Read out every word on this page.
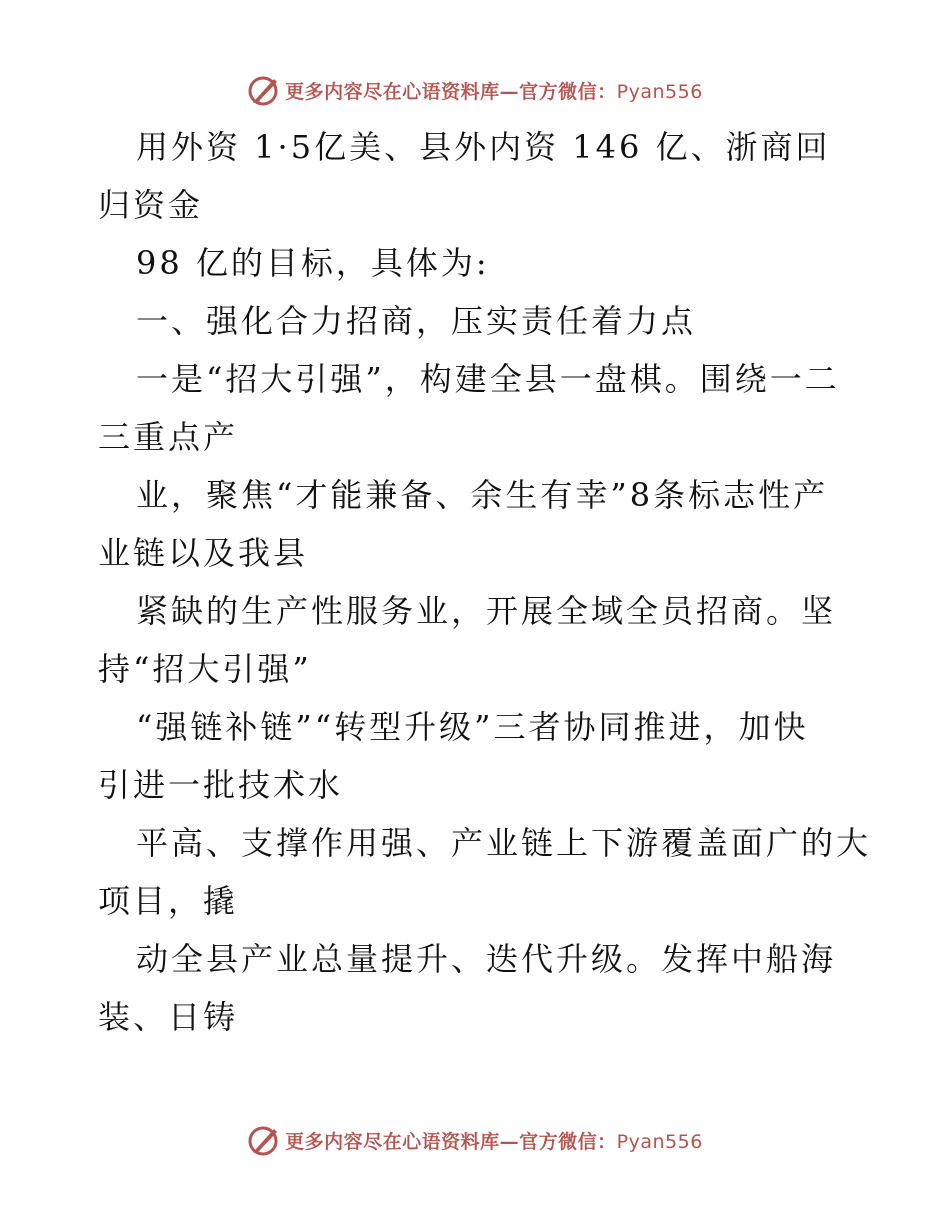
更多内容尽在心语资料库—官方微信：Pyan556
用外资 1·5亿美、县外内资 146 亿、浙商回
归资金
98 亿的目标，具体为:
一、强化合力招商，压实责任着力点
一是“招大引强”，构建全县一盘棋。围绕一二
三重点产
业，聚焦“才能兼备、余生有幸”8条标志性产
业链以及我县
紧缺的生产性服务业，开展全域全员招商。坚
持“招大引强”
“强链补链”“转型升级”三者协同推进，加快
引进一批技术水
平高、支撑作用强、产业链上下游覆盖面广的大
项目，撬
动全县产业总量提升、迭代升级。发挥中船海
装、日铸
更多内容尽在心语资料库—官方微信：Pyan556
